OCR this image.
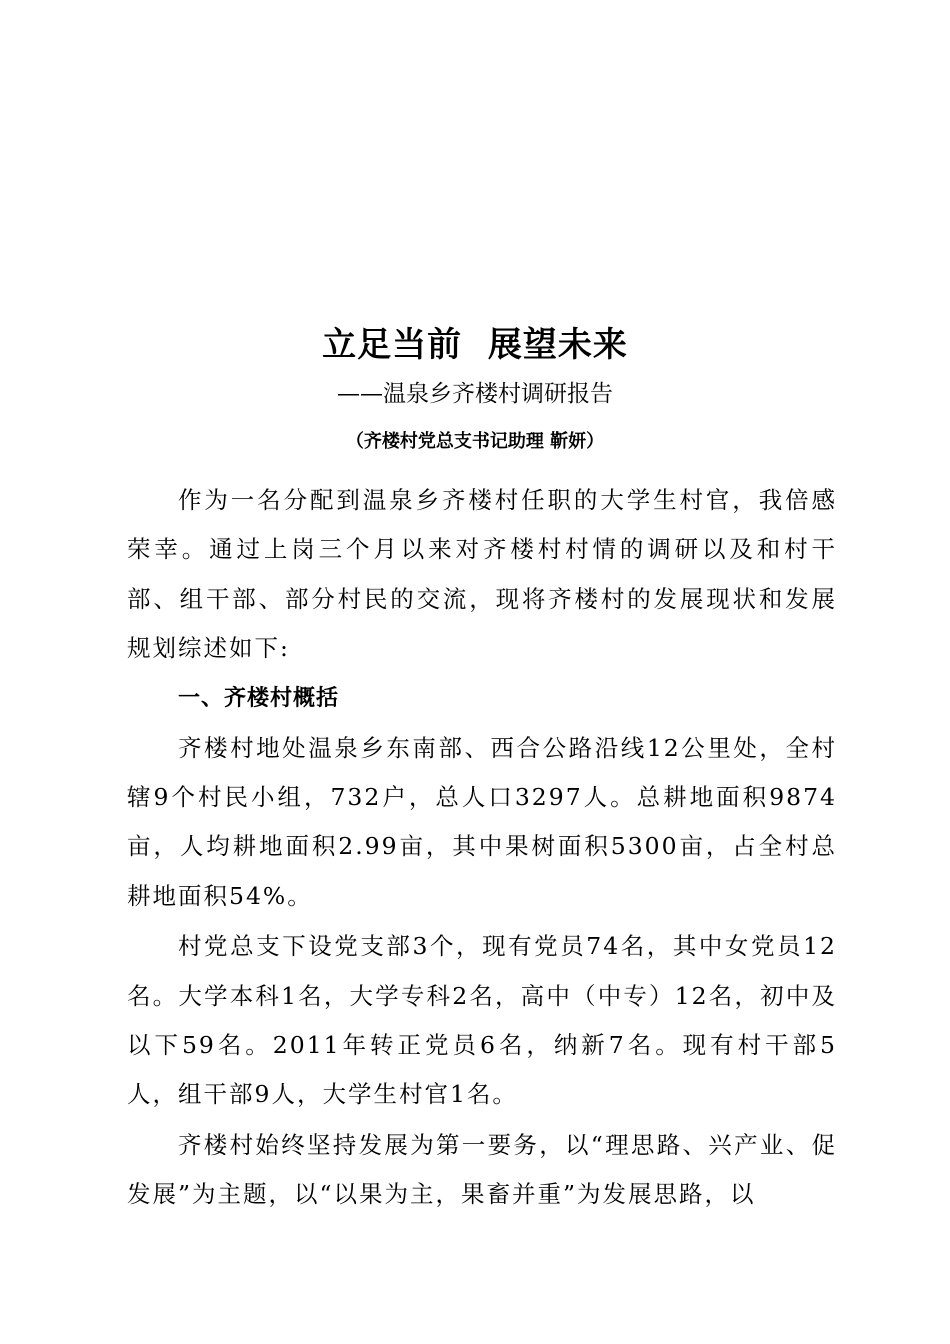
立足当前  展望未来
——温泉乡齐楼村调研报告
（齐楼村党总支书记助理 靳妍）

作为一名分配到温泉乡齐楼村任职的大学生村官，我倍感荣幸。通过上岗三个月以来对齐楼村村情的调研以及和村干部、组干部、部分村民的交流，现将齐楼村的发展现状和发展规划综述如下:

一、齐楼村概括

齐楼村地处温泉乡东南部、西合公路沿线12公里处，全村辖9个村民小组，732户，总人口3297人。总耕地面积9874亩，人均耕地面积2.99亩，其中果树面积5300亩，占全村总耕地面积54%。

村党总支下设党支部3个，现有党员74名，其中女党员12名。大学本科1名，大学专科2名，高中（中专）12名，初中及以下59名。2011年转正党员6名，纳新7名。现有村干部5人，组干部9人，大学生村官1名。

齐楼村始终坚持发展为第一要务，以“理思路、兴产业、促发展”为主题，以“以果为主，果畜并重”为发展思路，以
